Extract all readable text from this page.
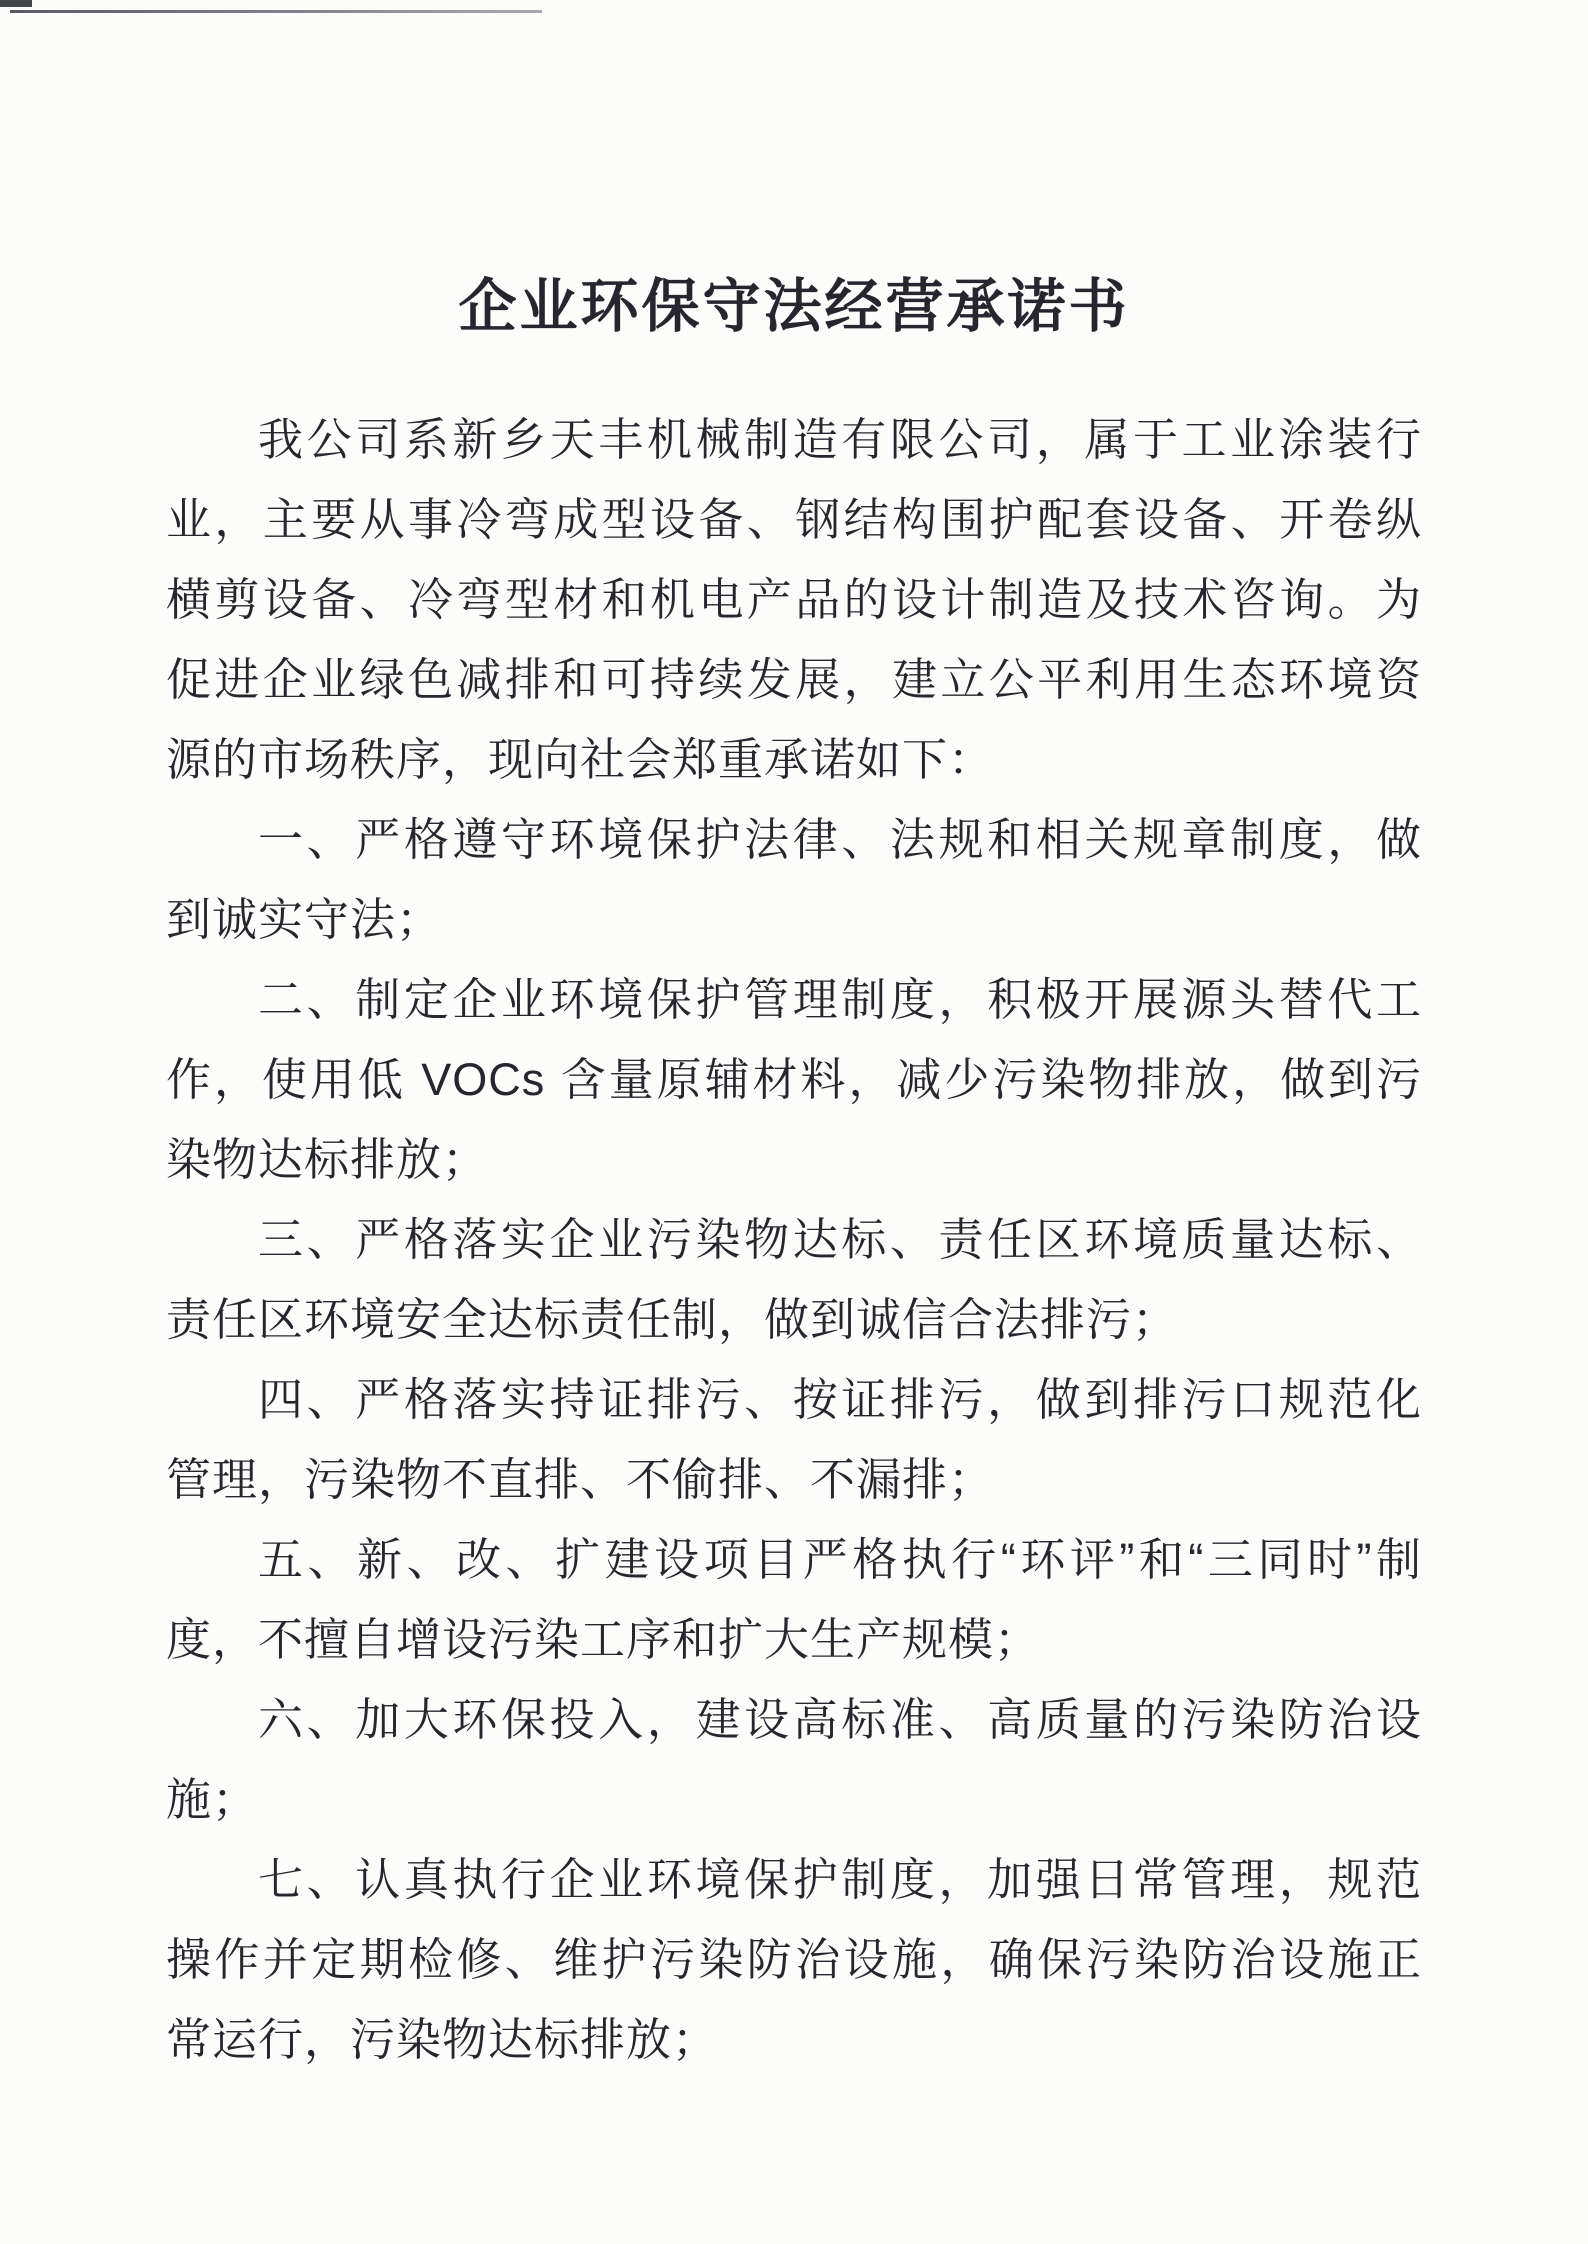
企业环保守法经营承诺书
我公司系新乡天丰机械制造有限公司，属于工业涂装行
业，主要从事冷弯成型设备、钢结构围护配套设备、开卷纵
横剪设备、冷弯型材和机电产品的设计制造及技术咨询。为
促进企业绿色减排和可持续发展，建立公平利用生态环境资
源的市场秩序，现向社会郑重承诺如下：
一、严格遵守环境保护法律、法规和相关规章制度，做
到诚实守法；
二、制定企业环境保护管理制度，积极开展源头替代工
作，使用低 VOCs 含量原辅材料，减少污染物排放，做到污
染物达标排放；
三、严格落实企业污染物达标、责任区环境质量达标、
责任区环境安全达标责任制，做到诚信合法排污；
四、严格落实持证排污、按证排污，做到排污口规范化
管理，污染物不直排、不偷排、不漏排；
五、新、改、扩建设项目严格执行“环评”和“三同时”制
度，不擅自增设污染工序和扩大生产规模；
六、加大环保投入，建设高标准、高质量的污染防治设
施；
七、认真执行企业环境保护制度，加强日常管理，规范
操作并定期检修、维护污染防治设施，确保污染防治设施正
常运行，污染物达标排放；
